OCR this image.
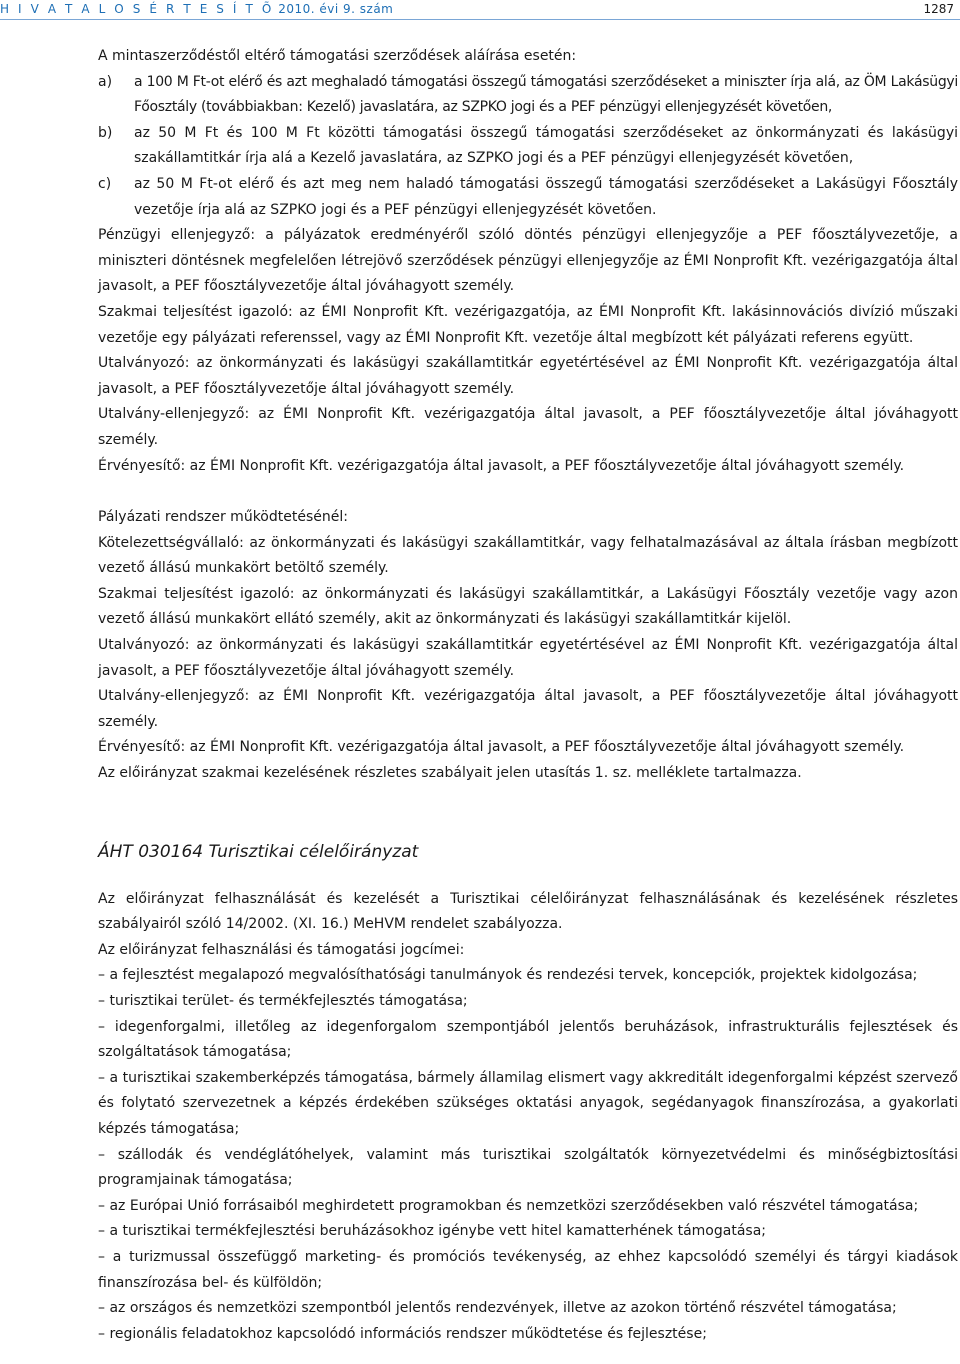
H I V A T A L O S É R T E S Í T Õ 2010. évi 9. szám	1287

A mintaszerződéstől eltérő támogatási szerződések aláírása esetén:

a) a 100 M Ft-ot elérő és azt meghaladó támogatási összegű támogatási szerződéseket a miniszter írja alá, az ÖM Lakásügyi Főosztály (továbbiakban: Kezelő) javaslatára, az SZPKO jogi és a PEF pénzügyi ellenjegyzését követően,
b) az 50 M Ft és 100 M Ft közötti támogatási összegű támogatási szerződéseket az önkormányzati és lakásügyi szakállamtitkár írja alá a Kezelő javaslatára, az SZPKO jogi és a PEF pénzügyi ellenjegyzését követően,
c) az 50 M Ft-ot elérő és azt meg nem haladó támogatási összegű támogatási szerződéseket a Lakásügyi Főosztály vezetője írja alá az SZPKO jogi és a PEF pénzügyi ellenjegyzését követően.

Pénzügyi ellenjegyző: a pályázatok eredményéről szóló döntés pénzügyi ellenjegyzője a PEF főosztályvezetője, a miniszteri döntésnek megfelelően létrejövő szerződések pénzügyi ellenjegyzője az ÉMI Nonprofit Kft. vezérigazgatója által javasolt, a PEF főosztályvezetője által jóváhagyott személy.

Szakmai teljesítést igazoló: az ÉMI Nonprofit Kft. vezérigazgatója, az ÉMI Nonprofit Kft. lakásinnovációs divízió műszaki vezetője egy pályázati referenssel, vagy az ÉMI Nonprofit Kft. vezetője által megbízott két pályázati referens együtt.

Utalványozó: az önkormányzati és lakásügyi szakállamtitkár egyetértésével az ÉMI Nonprofit Kft. vezérigazgatója által javasolt, a PEF főosztályvezetője által jóváhagyott személy.

Utalvány-ellenjegyző: az ÉMI Nonprofit Kft. vezérigazgatója által javasolt, a PEF főosztályvezetője által jóváhagyott személy.

Érvényesítő: az ÉMI Nonprofit Kft. vezérigazgatója által javasolt, a PEF főosztályvezetője által jóváhagyott személy.

Pályázati rendszer működtetésénél:

Kötelezettségvállaló: az önkormányzati és lakásügyi szakállamtitkár, vagy felhatalmazásával az általa írásban megbízott vezető állású munkakört betöltő személy.

Szakmai teljesítést igazoló: az önkormányzati és lakásügyi szakállamtitkár, a Lakásügyi Főosztály vezetője vagy azon vezető állású munkakört ellátó személy, akit az önkormányzati és lakásügyi szakállamtitkár kijelöl.

Utalványozó: az önkormányzati és lakásügyi szakállamtitkár egyetértésével az ÉMI Nonprofit Kft. vezérigazgatója által javasolt, a PEF főosztályvezetője által jóváhagyott személy.

Utalvány-ellenjegyző: az ÉMI Nonprofit Kft. vezérigazgatója által javasolt, a PEF főosztályvezetője által jóváhagyott személy.

Érvényesítő: az ÉMI Nonprofit Kft. vezérigazgatója által javasolt, a PEF főosztályvezetője által jóváhagyott személy.

Az előirányzat szakmai kezelésének részletes szabályait jelen utasítás 1. sz. melléklete tartalmazza.

ÁHT 030164 Turisztikai célelőirányzat

Az előirányzat felhasználását és kezelését a Turisztikai célelőirányzat felhasználásának és kezelésének részletes szabályairól szóló 14/2002. (XI. 16.) MeHVM rendelet szabályozza.

Az előirányzat felhasználási és támogatási jogcímei:

– a fejlesztést megalapozó megvalósíthatósági tanulmányok és rendezési tervek, koncepciók, projektek kidolgozása;

– turisztikai terület- és termékfejlesztés támogatása;

– idegenforgalmi, illetőleg az idegenforgalom szempontjából jelentős beruházások, infrastrukturális fejlesztések és szolgáltatások támogatása;

– a turisztikai szakemberképzés támogatása, bármely államilag elismert vagy akkreditált idegenforgalmi képzést szervező és folytató szervezetnek a képzés érdekében szükséges oktatási anyagok, segédanyagok finanszírozása, a gyakorlati képzés támogatása;

– szállodák és vendéglátóhelyek, valamint más turisztikai szolgáltatók környezetvédelmi és minőségbiztosítási programjainak támogatása;

– az Európai Unió forrásaiból meghirdetett programokban és nemzetközi szerződésekben való részvétel támogatása;

– a turisztikai termékfejlesztési beruházásokhoz igénybe vett hitel kamatterhének támogatása;

– a turizmussal összefüggő marketing- és promóciós tevékenység, az ehhez kapcsolódó személyi és tárgyi kiadások finanszírozása bel- és külföldön;

– az országos és nemzetközi szempontból jelentős rendezvények, illetve az azokon történő részvétel támogatása;

– regionális feladatokhoz kapcsolódó információs rendszer működtetése és fejlesztése;
